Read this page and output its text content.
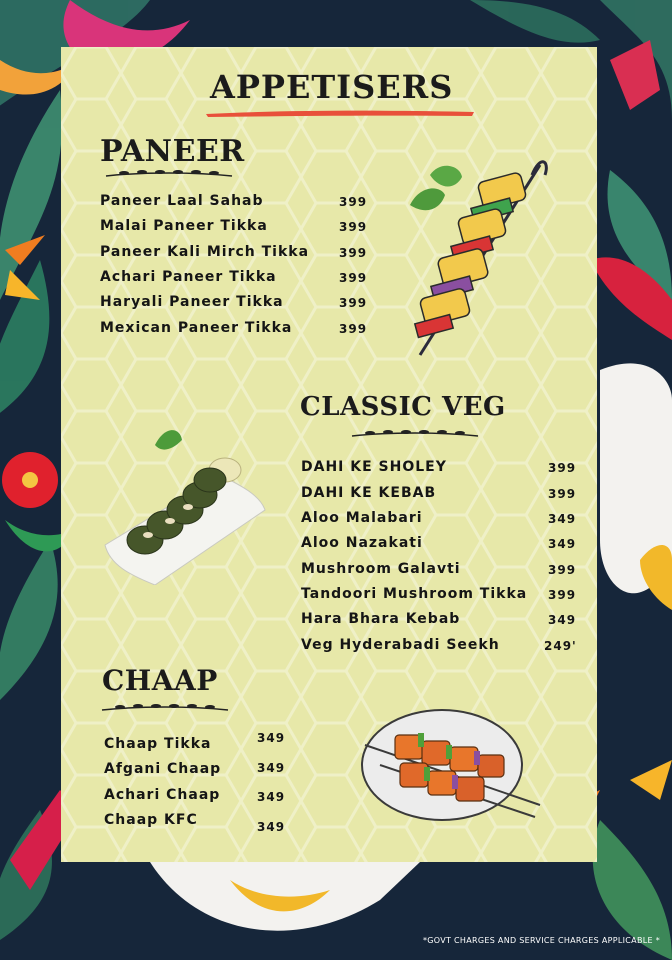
APPETISERS
PANEER
Paneer Laal Sahab	399
Malai Paneer Tikka	399
Paneer Kali Mirch Tikka 399
Achari Paneer Tikka	399
Haryali Paneer Tikka	399
Mexican Paneer Tikka	399
CLASSIC VEG
DAHI KE SHOLEY	399
DAHI KE KEBAB	399
Aloo Malabari	349
Aloo Nazakati	349
Mushroom Galavti	399
Tandoori Mushroom Tikka 399
Hara Bhara Kebab	349
Veg Hyderabadi Seekh	249'
CHAAP
Chaap Tikka	349
Afgani Chaap	349
Achari Chaap	349
Chaap KFC	349
*GOVT CHARGES AND SERVICE CHARGES APPLICABLE *
